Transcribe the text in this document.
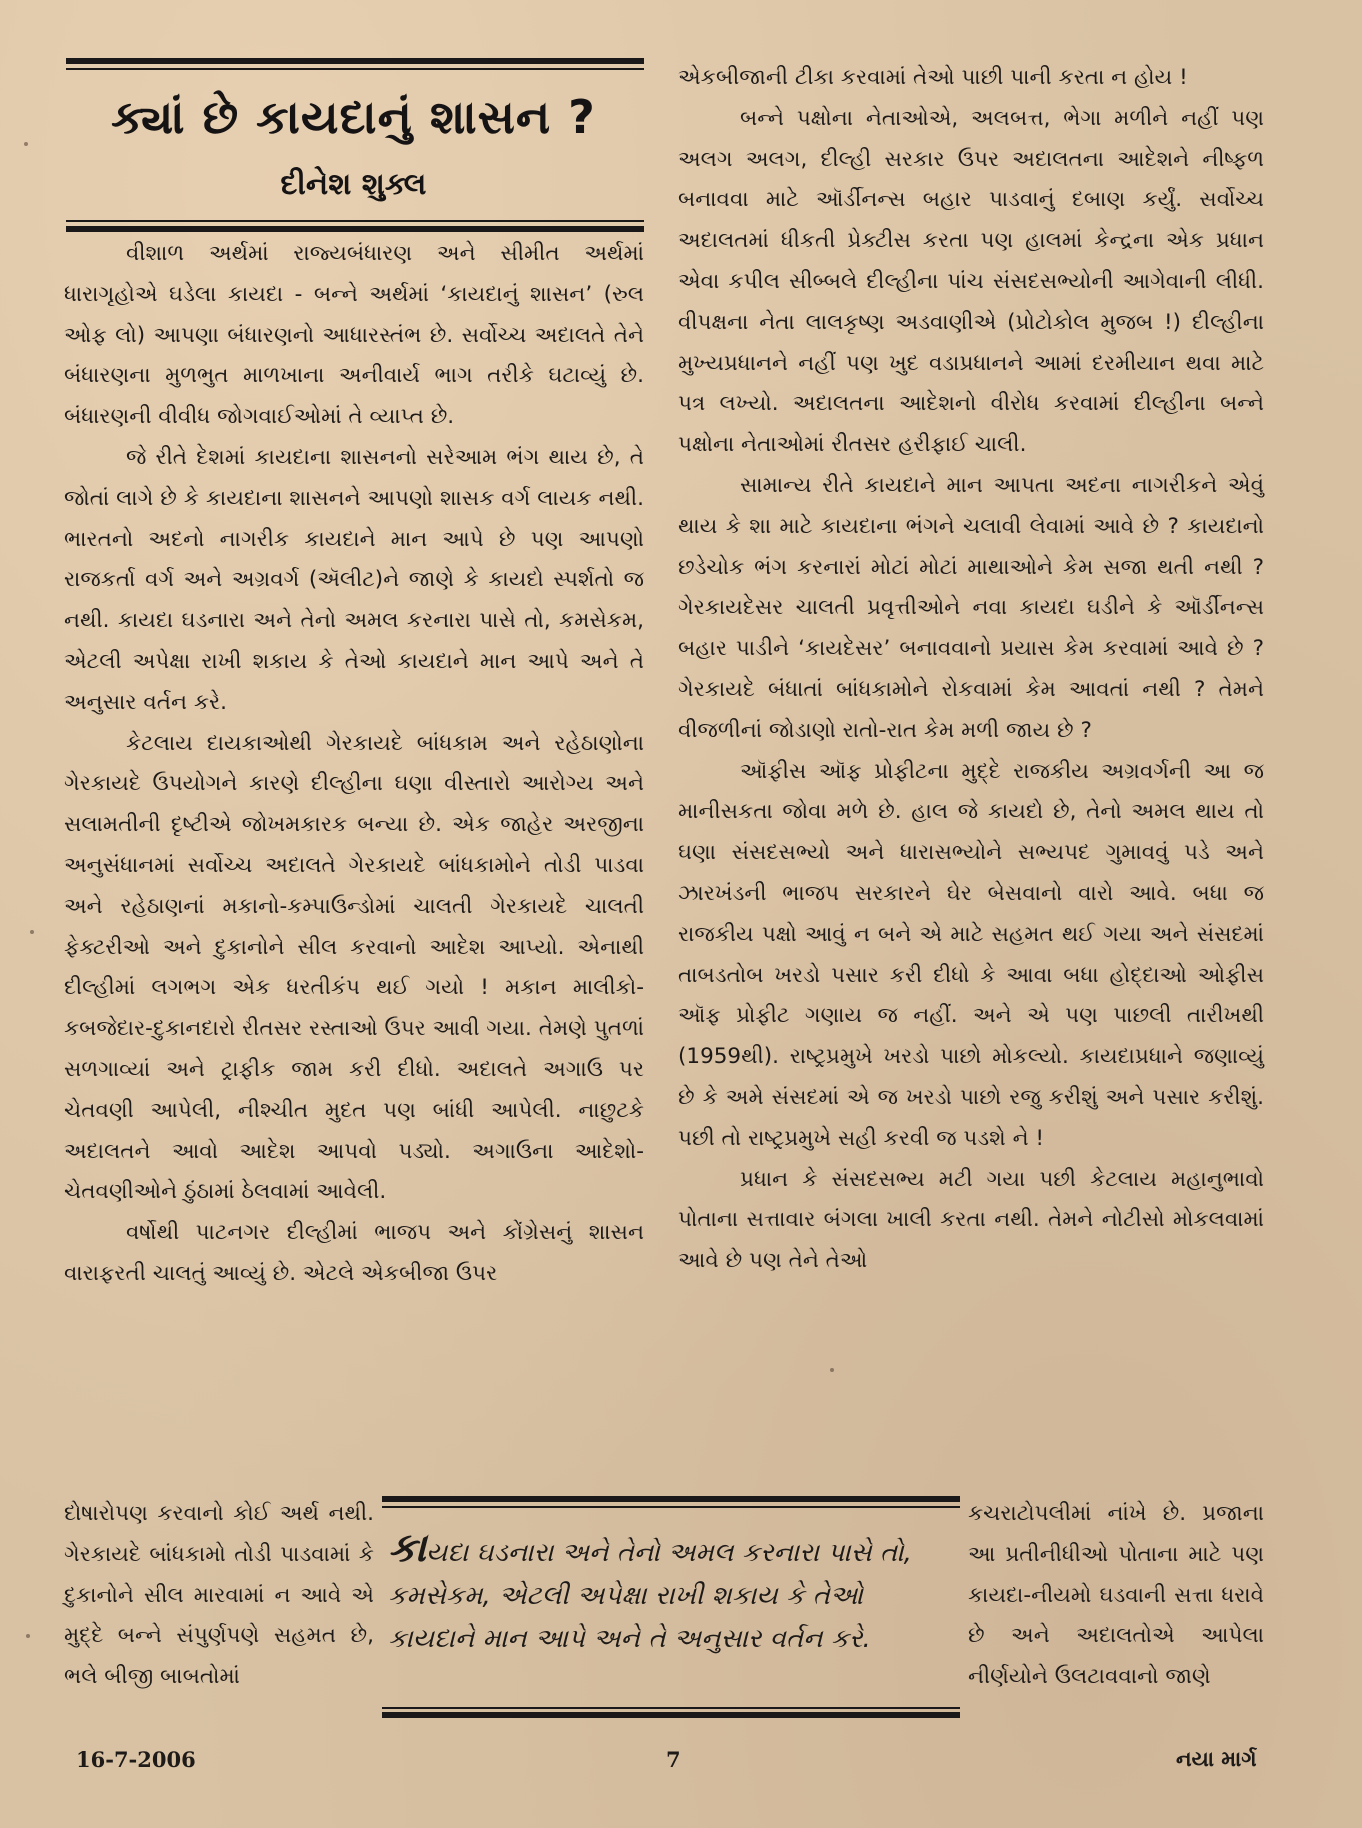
ક્યાં છે કાયદાનું શાસન ?
દીનેશ શુક્લ

વીશાળ અર્થમાં રાજ્યબંધારણ અને સીમીત અર્થમાં ધારાગૃહોએ ઘડેલા કાયદા - બન્ને અર્થમાં ‘કાયદાનું શાસન’ (રુલ ઓફ લો) આપણા બંધારણનો આધારસ્તંભ છે. સર્વોચ્ચ અદાલતે તેને બંધારણના મુળભુત માળખાના અનીવાર્ય ભાગ તરીકે ઘટાવ્યું છે. બંધારણની વીવીધ જોગવાઈઓમાં તે વ્યાપ્ત છે.

જે રીતે દેશમાં કાયદાના શાસનનો સરેઆમ ભંગ થાય છે, તે જોતાં લાગે છે કે કાયદાના શાસનને આપણો શાસક વર્ગ લાયક નથી. ભારતનો અદનો નાગરીક કાયદાને માન આપે છે પણ આપણો રાજકર્તા વર્ગ અને અગ્રવર્ગ (ઍલીટ)ને જાણે કે કાયદો સ્પર્શતો જ નથી. કાયદા ઘડનારા અને તેનો અમલ કરનારા પાસે તો, કમસેકમ, એટલી અપેક્ષા રાખી શકાય કે તેઓ કાયદાને માન આપે અને તે અનુસાર વર્તન કરે.

કેટલાય દાયકાઓથી ગેરકાયદે બાંધકામ અને રહેઠાણોના ગેરકાયદે ઉપયોગને કારણે દીલ્હીના ઘણા વીસ્તારો આરોગ્ય અને સલામતીની દૃષ્ટીએ જોખમકારક બન્યા છે. એક જાહેર અરજીના અનુસંધાનમાં સર્વોચ્ચ અદાલતે ગેરકાયદે બાંધકામોને તોડી પાડવા અને રહેઠાણનાં મકાનો-કમ્પાઉન્ડોમાં ચાલતી ગેરકાયદે ચાલતી ફેક્ટરીઓ અને દુકાનોને સીલ કરવાનો આદેશ આપ્યો. એનાથી દીલ્હીમાં લગભગ એક ધરતીકંપ થઈ ગયો ! મકાન માલીકો-કબજેદાર-દુકાનદારો રીતસર રસ્તાઓ ઉપર આવી ગયા. તેમણે પુતળાં સળગાવ્યાં અને ટ્રાફીક જામ કરી દીધો. અદાલતે અગાઉ પર ચેતવણી આપેલી, નીશ્ચીત મુદત પણ બાંધી આપેલી. નાછુટકે અદાલતને આવો આદેશ આપવો પડ્યો. અગાઉના આદેશો-ચેતવણીઓને ઠુંઠામાં ઠેલવામાં આવેલી.

વર્ષોથી પાટનગર દીલ્હીમાં ભાજપ અને કોંગ્રેસનું શાસન વારાફરતી ચાલતું આવ્યું છે. એટલે એકબીજા ઉપર

એકબીજાની ટીકા કરવામાં તેઓ પાછી પાની કરતા ન હોય !

બન્ને પક્ષોના નેતાઓએ, અલબત્ત, ભેગા મળીને નહીં પણ અલગ અલગ, દીલ્હી સરકાર ઉપર અદાલતના આદેશને નીષ્ફળ બનાવવા માટે ઑર્ડીનન્સ બહાર પાડવાનું દબાણ કર્યું. સર્વોચ્ચ અદાલતમાં ધીકતી પ્રેક્ટીસ કરતા પણ હાલમાં કેન્દ્રના એક પ્રધાન એવા કપીલ સીબ્બલે દીલ્હીના પાંચ સંસદસભ્યોની આગેવાની લીધી. વીપક્ષના નેતા લાલકૃષ્ણ અડવાણીએ (પ્રોટોકોલ મુજબ !) દીલ્હીના મુખ્યપ્રધાનને નહીં પણ ખુદ વડાપ્રધાનને આમાં દરમીયાન થવા માટે પત્ર લખ્યો. અદાલતના આદેશનો વીરોધ કરવામાં દીલ્હીના બન્ને પક્ષોના નેતાઓમાં રીતસર હરીફાઈ ચાલી.

સામાન્ય રીતે કાયદાને માન આપતા અદના નાગરીકને એવું થાય કે શા માટે કાયદાના ભંગને ચલાવી લેવામાં આવે છે ? કાયદાનો છડેચોક ભંગ કરનારાં મોટાં મોટાં માથાઓને કેમ સજા થતી નથી ? ગેરકાયદેસર ચાલતી પ્રવૃત્તીઓને નવા કાયદા ઘડીને કે ઑર્ડીનન્સ બહાર પાડીને ‘કાયદેસર’ બનાવવાનો પ્રયાસ કેમ કરવામાં આવે છે ? ગેરકાયદે બંધાતાં બાંધકામોને રોકવામાં કેમ આવતાં નથી ? તેમને વીજળીનાં જોડાણો રાતો-રાત કેમ મળી જાય છે ?

ઑફીસ ઑફ પ્રોફીટના મુદ્દે રાજકીય અગ્રવર્ગની આ જ માનીસકતા જોવા મળે છે. હાલ જે કાયદો છે, તેનો અમલ થાય તો ઘણા સંસદસભ્યો અને ધારાસભ્યોને સભ્યપદ ગુમાવવું પડે અને ઝારખંડની ભાજપ સરકારને ઘેર બેસવાનો વારો આવે. બધા જ રાજકીય પક્ષો આવું ન બને એ માટે સહમત થઈ ગયા અને સંસદમાં તાબડતોબ ખરડો પસાર કરી દીધો કે આવા બધા હોદ્દાઓ ઓફીસ ઑફ પ્રોફીટ ગણાય જ નહીં. અને એ પણ પાછલી તારીખથી (1959થી). રાષ્ટ્રપ્રમુખે ખરડો પાછો મોકલ્યો. કાયદાપ્રધાને જણાવ્યું છે કે અમે સંસદમાં એ જ ખરડો પાછો રજુ કરીશું અને પસાર કરીશું. પછી તો રાષ્ટ્રપ્રમુખે સહી કરવી જ પડશે ને !

પ્રધાન કે સંસદસભ્ય મટી ગયા પછી કેટલાય મહાનુભાવો પોતાના સત્તાવાર બંગલા ખાલી કરતા નથી. તેમને નોટીસો મોકલવામાં આવે છે પણ તેને તેઓ

કાયદા ઘડનારા અને તેનો અમલ કરનારા પાસે તો, કમસેકમ, એટલી અપેક્ષા રાખી શકાય કે તેઓ કાયદાને માન આપે અને તે અનુસાર વર્તન કરે.
દોષારોપણ કરવાનો કોઈ અર્થ નથી. ગેરકાયદે બાંધકામો તોડી પાડવામાં કે દુકાનોને સીલ મારવામાં ન આવે એ મુદ્દે બન્ને સંપુર્ણપણે સહમત છે, ભલે બીજી બાબતોમાં
કચરાટોપલીમાં નાંખે છે. પ્રજાના આ પ્રતીનીધીઓ પોતાના માટે પણ કાયદા-નીયમો ઘડવાની સત્તા ધરાવે છે અને અદાલતોએ આપેલા નીર્ણયોને ઉલટાવવાનો જાણે
16-7-2006	7	નયા માર્ગ
